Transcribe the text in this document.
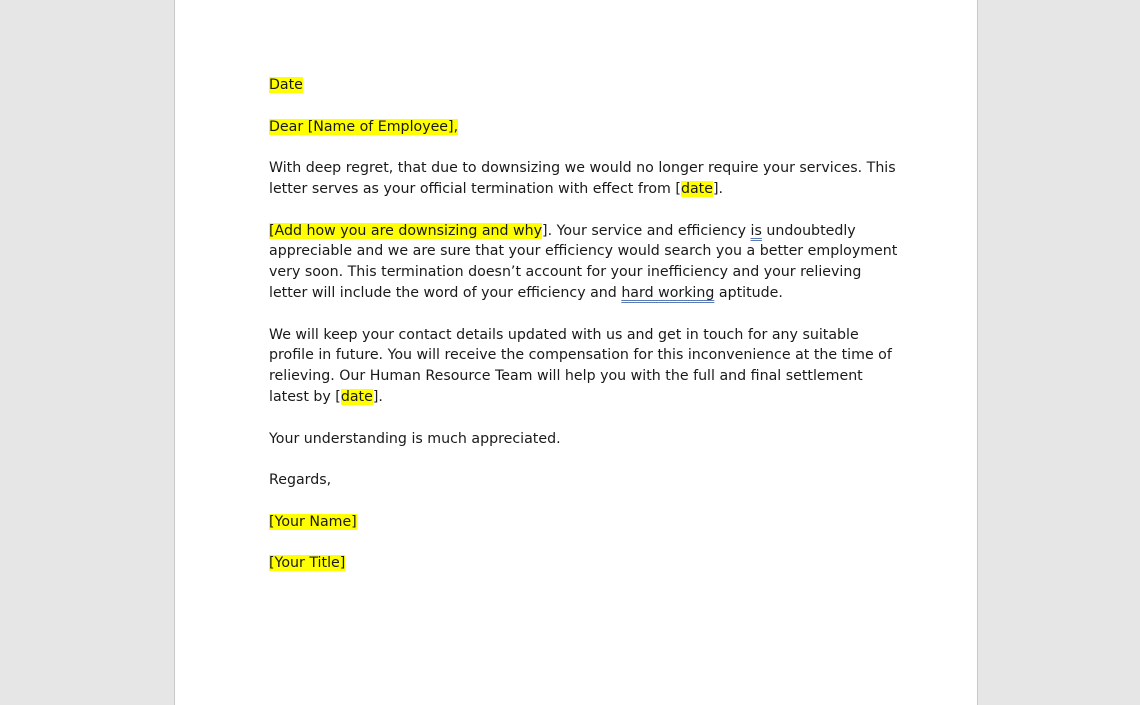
Date

Dear [Name of Employee],

With deep regret, that due to downsizing we would no longer require your services. This letter serves as your official termination with effect from [date].

[Add how you are downsizing and why]. Your service and efficiency is undoubtedly appreciable and we are sure that your efficiency would search you a better employment very soon. This termination doesn’t account for your inefficiency and your relieving letter will include the word of your efficiency and hard working aptitude.

We will keep your contact details updated with us and get in touch for any suitable profile in future. You will receive the compensation for this inconvenience at the time of relieving. Our Human Resource Team will help you with the full and final settlement latest by [date].

Your understanding is much appreciated.

Regards,

[Your Name]

[Your Title]
